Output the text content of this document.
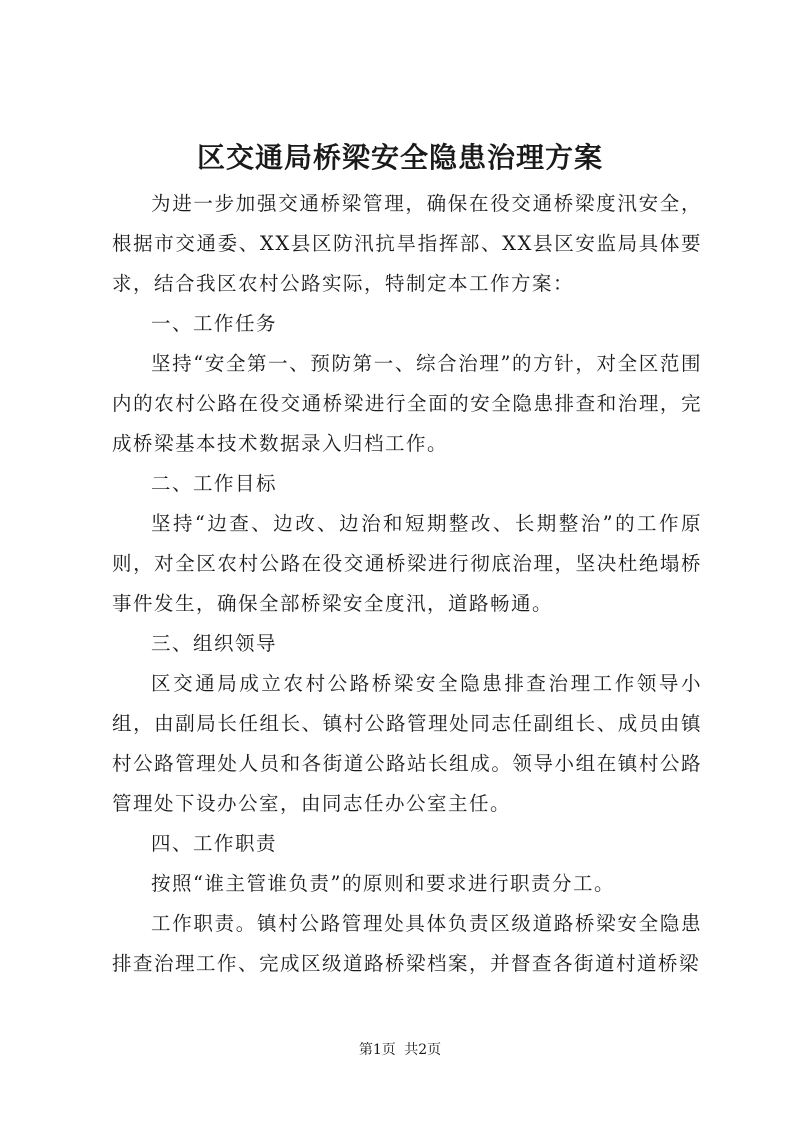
区交通局桥梁安全隐患治理方案

为进一步加强交通桥梁管理，确保在役交通桥梁度汛安全，根据市交通委、XX县区防汛抗旱指挥部、XX县区安监局具体要求，结合我区农村公路实际，特制定本工作方案：

一、工作任务

坚持“安全第一、预防第一、综合治理”的方针，对全区范围内的农村公路在役交通桥梁进行全面的安全隐患排查和治理，完成桥梁基本技术数据录入归档工作。

二、工作目标

坚持“边查、边改、边治和短期整改、长期整治”的工作原则，对全区农村公路在役交通桥梁进行彻底治理，坚决杜绝塌桥事件发生，确保全部桥梁安全度汛，道路畅通。

三、组织领导

区交通局成立农村公路桥梁安全隐患排查治理工作领导小组，由副局长任组长、镇村公路管理处同志任副组长、成员由镇村公路管理处人员和各街道公路站长组成。领导小组在镇村公路管理处下设办公室，由同志任办公室主任。

四、工作职责

按照“谁主管谁负责”的原则和要求进行职责分工。

工作职责。镇村公路管理处具体负责区级道路桥梁安全隐患排查治理工作、完成区级道路桥梁档案，并督查各街道村道桥梁

第1页 共2页
